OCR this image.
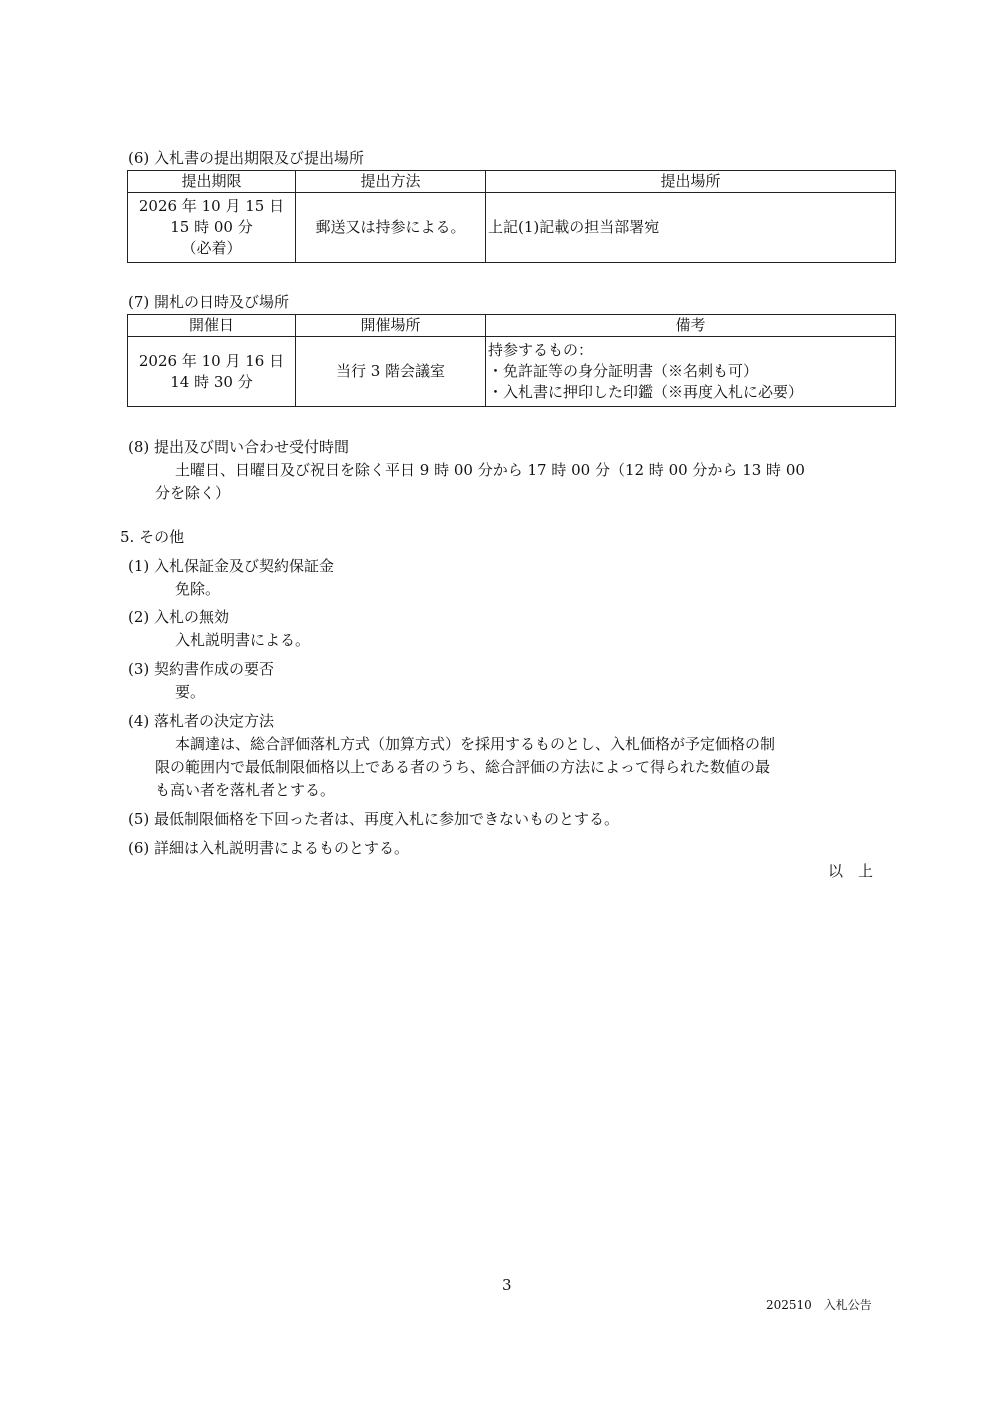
(6) 入札書の提出期限及び提出場所
提出期限	提出方法	提出場所

2026 年 10 月 15 日
15 時 00 分
（必着）	郵送又は持参による。	上記(1)記載の担当部署宛
(7) 開札の日時及び場所
開催日	開催場所	備考

2026 年 10 月 16 日
14 時 30 分	当行 3 階会議室	持参するもの：
・免許証等の身分証明書（※名刺も可）
・入札書に押印した印鑑（※再度入札に必要）
(8) 提出及び問い合わせ受付時間
土曜日、日曜日及び祝日を除く平日 9 時 00 分から 17 時 00 分（12 時 00 分から 13 時 00
分を除く）
5. その他
(1) 入札保証金及び契約保証金
免除。
(2) 入札の無効
入札説明書による。
(3) 契約書作成の要否
要。
(4) 落札者の決定方法
本調達は、総合評価落札方式（加算方式）を採用するものとし、入札価格が予定価格の制
限の範囲内で最低制限価格以上である者のうち、総合評価の方法によって得られた数値の最
も高い者を落札者とする。
(5) 最低制限価格を下回った者は、再度入札に参加できないものとする。
(6) 詳細は入札説明書によるものとする。
以　上
3
202510　入札公告
